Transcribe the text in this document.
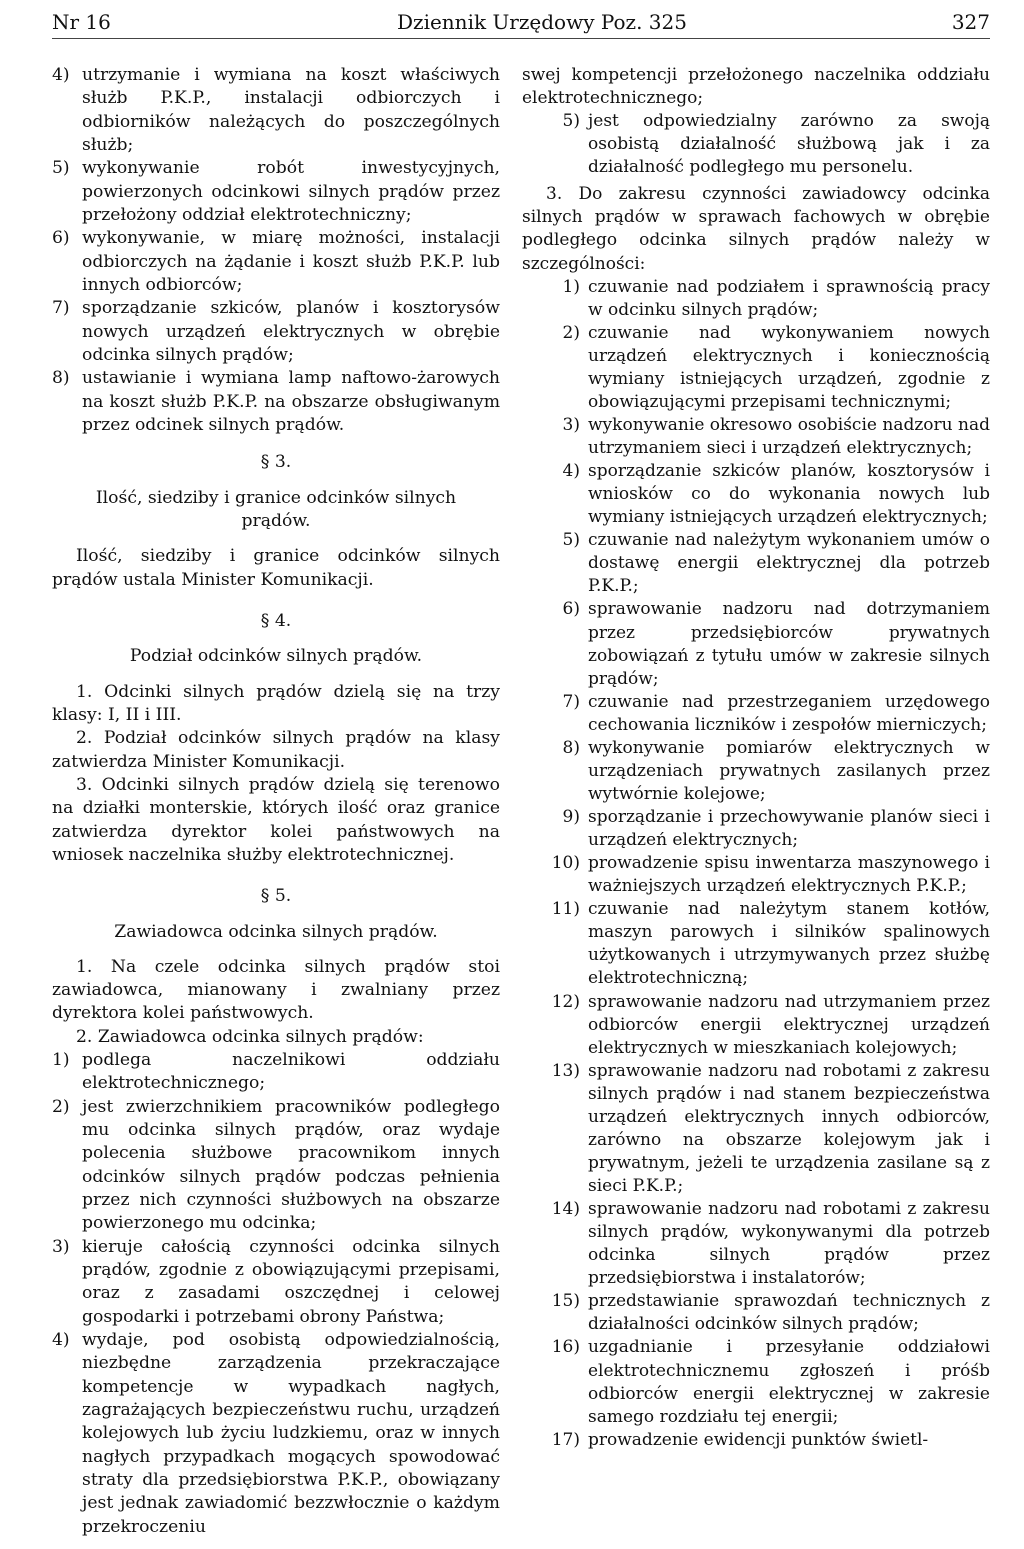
Nr 16	Dziennik Urzędowy Poz. 325	327
4) utrzymanie i wymiana na koszt właściwych służb P.K.P., instalacji odbiorczych i odbiorników należących do poszczególnych służb;

5) wykonywanie robót inwestycyjnych, powierzonych odcinkowi silnych prądów przez przełożony oddział elektrotechniczny;

6) wykonywanie, w miarę możności, instalacji odbiorczych na żądanie i koszt służb P.K.P. lub innych odbiorców;

7) sporządzanie szkiców, planów i kosztorysów nowych urządzeń elektrycznych w obrębie odcinka silnych prądów;

8) ustawianie i wymiana lamp naftowo-żarowych na koszt służb P.K.P. na obszarze obsługiwanym przez odcinek silnych prądów.

§ 3.

Ilość, siedziby i granice odcinków silnych prądów.

Ilość, siedziby i granice odcinków silnych prądów ustala Minister Komunikacji.

§ 4.

Podział odcinków silnych prądów.

1. Odcinki silnych prądów dzielą się na trzy klasy: I, II i III.

2. Podział odcinków silnych prądów na klasy zatwierdza Minister Komunikacji.

3. Odcinki silnych prądów dzielą się terenowo na działki monterskie, których ilość oraz granice zatwierdza dyrektor kolei państwowych na wniosek naczelnika służby elektrotechnicznej.

§ 5.

Zawiadowca odcinka silnych prądów.

1. Na czele odcinka silnych prądów stoi zawiadowca, mianowany i zwalniany przez dyrektora kolei państwowych.

2. Zawiadowca odcinka silnych prądów:

1) podlega naczelnikowi oddziału elektrotechnicznego;

2) jest zwierzchnikiem pracowników podległego mu odcinka silnych prądów, oraz wydaje polecenia służbowe pracownikom innych odcinków silnych prądów podczas pełnienia przez nich czynności służbowych na obszarze powierzonego mu odcinka;

3) kieruje całością czynności odcinka silnych prądów, zgodnie z obowiązującymi przepisami, oraz z zasadami oszczędnej i celowej gospodarki i potrzebami obrony Państwa;

4) wydaje, pod osobistą odpowiedzialnością, niezbędne zarządzenia przekraczające kompetencje w wypadkach nagłych, zagrażających bezpieczeństwu ruchu, urządzeń kolejowych lub życiu ludzkiemu, oraz w innych nagłych przypadkach mogących spowodować straty dla przedsiębiorstwa P.K.P., obowiązany jest jednak zawiadomić bezzwłocznie o każdym przekroczeniu

swej kompetencji przełożonego naczelnika oddziału elektrotechnicznego;

5) jest odpowiedzialny zarówno za swoją osobistą działalność służbową jak i za działalność podległego mu personelu.

3. Do zakresu czynności zawiadowcy odcinka silnych prądów w sprawach fachowych w obrębie podległego odcinka silnych prądów należy w szczególności:

1) czuwanie nad podziałem i sprawnością pracy w odcinku silnych prądów;

2) czuwanie nad wykonywaniem nowych urządzeń elektrycznych i koniecznością wymiany istniejących urządzeń, zgodnie z obowiązującymi przepisami technicznymi;

3) wykonywanie okresowo osobiście nadzoru nad utrzymaniem sieci i urządzeń elektrycznych;

4) sporządzanie szkiców planów, kosztorysów i wniosków co do wykonania nowych lub wymiany istniejących urządzeń elektrycznych;

5) czuwanie nad należytym wykonaniem umów o dostawę energii elektrycznej dla potrzeb P.K.P.;

6) sprawowanie nadzoru nad dotrzymaniem przez przedsiębiorców prywatnych zobowiązań z tytułu umów w zakresie silnych prądów;

7) czuwanie nad przestrzeganiem urzędowego cechowania liczników i zespołów mierniczych;

8) wykonywanie pomiarów elektrycznych w urządzeniach prywatnych zasilanych przez wytwórnie kolejowe;

9) sporządzanie i przechowywanie planów sieci i urządzeń elektrycznych;

10) prowadzenie spisu inwentarza maszynowego i ważniejszych urządzeń elektrycznych P.K.P.;

11) czuwanie nad należytym stanem kotłów, maszyn parowych i silników spalinowych użytkowanych i utrzymywanych przez służbę elektrotechniczną;

12) sprawowanie nadzoru nad utrzymaniem przez odbiorców energii elektrycznej urządzeń elektrycznych w mieszkaniach kolejowych;

13) sprawowanie nadzoru nad robotami z zakresu silnych prądów i nad stanem bezpieczeństwa urządzeń elektrycznych innych odbiorców, zarówno na obszarze kolejowym jak i prywatnym, jeżeli te urządzenia zasilane są z sieci P.K.P.;

14) sprawowanie nadzoru nad robotami z zakresu silnych prądów, wykonywanymi dla potrzeb odcinka silnych prądów przez przedsiębiorstwa i instalatorów;

15) przedstawianie sprawozdań technicznych z działalności odcinków silnych prądów;

16) uzgadnianie i przesyłanie oddziałowi elektrotechnicznemu zgłoszeń i próśb odbiorców energii elektrycznej w zakresie samego rozdziału tej energii;

17) prowadzenie ewidencji punktów świetl-
